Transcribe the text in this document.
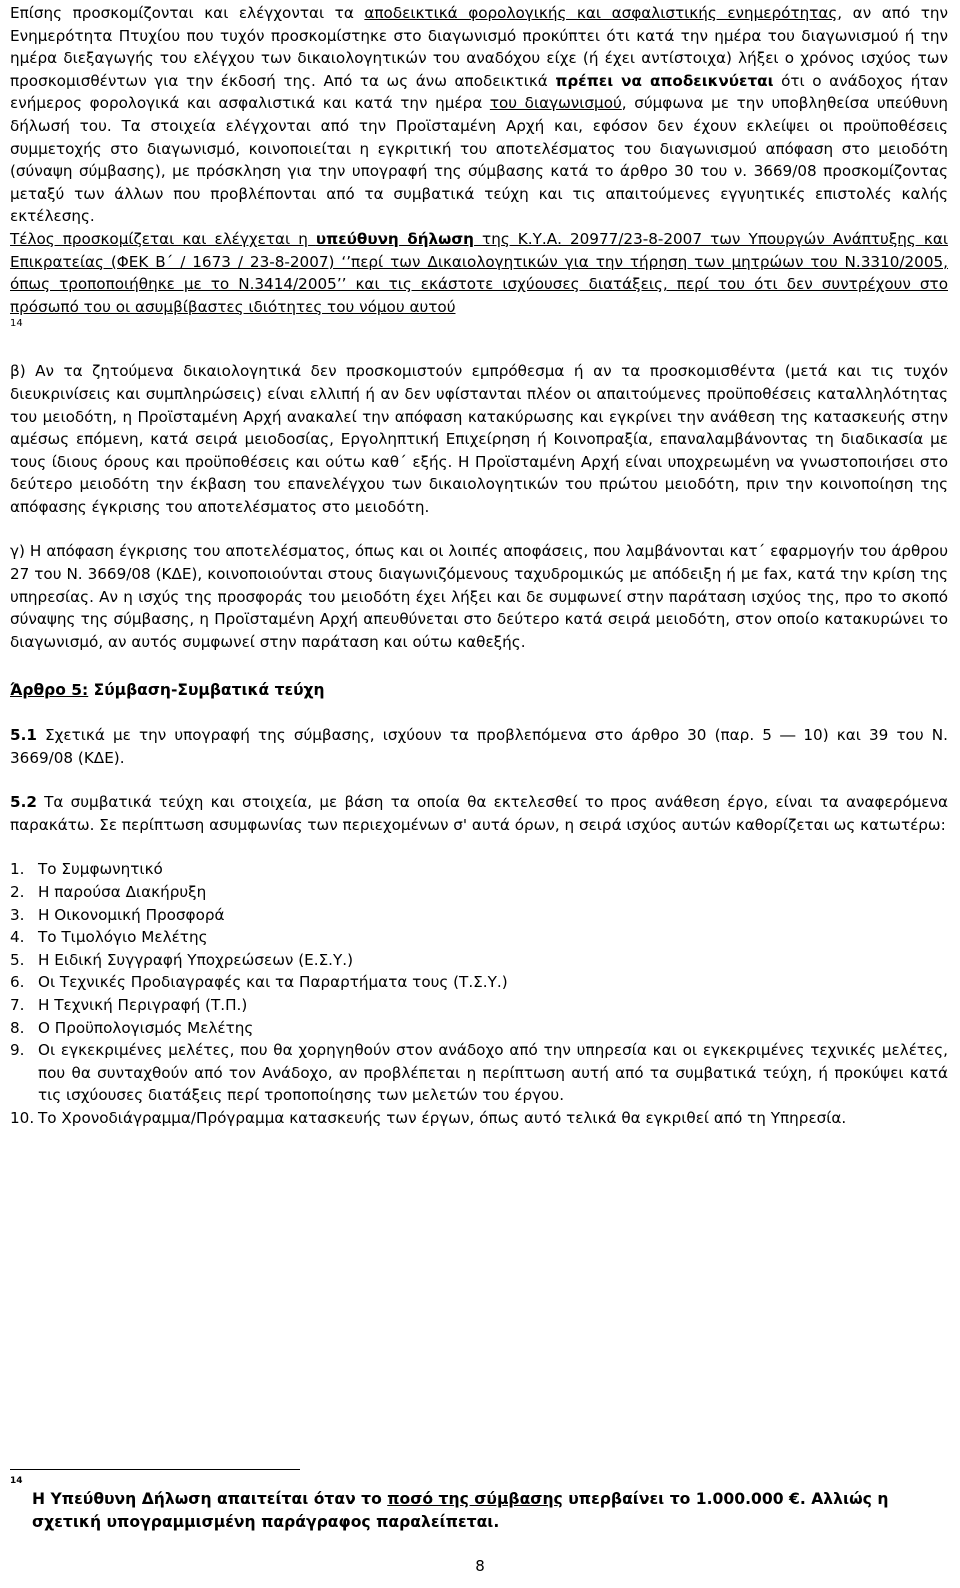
Επίσης προσκομίζονται και ελέγχονται τα αποδεικτικά φορολογικής και ασφαλιστικής ενημερότητας, αν από την Ενημερότητα Πτυχίου που τυχόν προσκομίστηκε στο διαγωνισμό προκύπτει ότι κατά την ημέρα του διαγωνισμού ή την ημέρα διεξαγωγής του ελέγχου των δικαιολογητικών του αναδόχου είχε (ή έχει αντίστοιχα) λήξει ο χρόνος ισχύος των προσκομισθέντων για την έκδοσή της. Από τα ως άνω αποδεικτικά πρέπει να αποδεικνύεται ότι ο ανάδοχος ήταν ενήμερος φορολογικά και ασφαλιστικά και κατά την ημέρα του διαγωνισμού, σύμφωνα με την υποβληθείσα υπεύθυνη δήλωσή του. Τα στοιχεία ελέγχονται από την Προϊσταμένη Αρχή και, εφόσον δεν έχουν εκλείψει οι προϋποθέσεις συμμετοχής στο διαγωνισμό, κοινοποιείται η εγκριτική του αποτελέσματος του διαγωνισμού απόφαση στο μειοδότη (σύναψη σύμβασης), με πρόσκληση για την υπογραφή της σύμβασης κατά το άρθρο 30 του ν. 3669/08 προσκομίζοντας μεταξύ των άλλων που προβλέπονται από τα συμβατικά τεύχη και τις απαιτούμενες εγγυητικές επιστολές καλής εκτέλεσης.

Τέλος προσκομίζεται και ελέγχεται η υπεύθυνη δήλωση της Κ.Υ.Α. 20977/23-8-2007 των Υπουργών Ανάπτυξης και Επικρατείας (ΦΕΚ Β΄ / 1673 / 23-8-2007) ‘’περί των Δικαιολογητικών για την τήρηση των μητρώων του Ν.3310/2005, όπως τροποποιήθηκε με το Ν.3414/2005’’ και τις εκάστοτε ισχύουσες διατάξεις, περί του ότι δεν συντρέχουν στο πρόσωπό του οι ασυμβίβαστες ιδιότητες του νόμου αυτού

14

β) Αν τα ζητούμενα δικαιολογητικά δεν προσκομιστούν εμπρόθεσμα ή αν τα προσκομισθέντα (μετά και τις τυχόν διευκρινίσεις και συμπληρώσεις) είναι ελλιπή ή αν δεν υφίστανται πλέον οι απαιτούμενες προϋποθέσεις καταλληλότητας του μειοδότη, η Προϊσταμένη Αρχή ανακαλεί την απόφαση κατακύρωσης και εγκρίνει την ανάθεση της κατασκευής στην αμέσως επόμενη, κατά σειρά μειοδοσίας, Εργοληπτική Επιχείρηση ή Κοινοπραξία, επαναλαμβάνοντας τη διαδικασία με τους ίδιους όρους και προϋποθέσεις και ούτω καθ΄ εξής. Η Προϊσταμένη Αρχή είναι υποχρεωμένη να γνωστοποιήσει στο δεύτερο μειοδότη την έκβαση του επανελέγχου των δικαιολογητικών του πρώτου μειοδότη, πριν την κοινοποίηση της απόφασης έγκρισης του αποτελέσματος στο μειοδότη.

γ) Η απόφαση έγκρισης του αποτελέσματος, όπως και οι λοιπές αποφάσεις, που λαμβάνονται κατ΄ εφαρμογήν του άρθρου 27 του Ν. 3669/08 (ΚΔΕ), κοινοποιούνται στους διαγωνιζόμενους ταχυδρομικώς με απόδειξη ή με fax, κατά την κρίση της υπηρεσίας. Αν η ισχύς της προσφοράς του μειοδότη έχει λήξει και δε συμφωνεί στην παράταση ισχύος της, προ το σκοπό σύναψης της σύμβασης, η Προϊσταμένη Αρχή απευθύνεται στο δεύτερο κατά σειρά μειοδότη, στον οποίο κατακυρώνει το διαγωνισμό, αν αυτός συμφωνεί στην παράταση και ούτω καθεξής.

Άρθρο 5: Σύμβαση-Συμβατικά τεύχη

5.1 Σχετικά με την υπογραφή της σύμβασης, ισχύουν τα προβλεπόμενα στο άρθρο 30 (παρ. 5 ― 10) και 39 του Ν. 3669/08 (ΚΔΕ).

5.2 Τα συμβατικά τεύχη και στοιχεία, με βάση τα οποία θα εκτελεσθεί το προς ανάθεση έργο, είναι τα αναφερόμενα παρακάτω. Σε περίπτωση ασυμφωνίας των περιεχομένων σ' αυτά όρων, η σειρά ισχύος αυτών καθορίζεται ως κατωτέρω:

1. Το Συμφωνητικό
2. Η παρούσα Διακήρυξη
3. Η Οικονομική Προσφορά
4. Το Τιμολόγιο Μελέτης
5. Η Ειδική Συγγραφή Υποχρεώσεων (Ε.Σ.Υ.)
6. Οι Τεχνικές Προδιαγραφές και τα Παραρτήματα τους (Τ.Σ.Υ.)
7. Η Τεχνική Περιγραφή (Τ.Π.)
8. Ο Προϋπολογισμός Μελέτης
9. Οι εγκεκριμένες μελέτες, που θα χορηγηθούν στον ανάδοχο από την υπηρεσία και οι εγκεκριμένες τεχνικές μελέτες, που θα συνταχθούν από τον Ανάδοχο, αν προβλέπεται η περίπτωση αυτή από τα συμβατικά τεύχη, ή προκύψει κατά τις ισχύουσες διατάξεις περί τροποποίησης των μελετών του έργου.
10. Το Χρονοδιάγραμμα/Πρόγραμμα κατασκευής των έργων, όπως αυτό τελικά θα εγκριθεί από τη Υπηρεσία.
14
Η Υπεύθυνη Δήλωση απαιτείται όταν το ποσό της σύμβασης υπερβαίνει το 1.000.000 €. Αλλιώς η σχετική υπογραμμισμένη παράγραφος παραλείπεται.
8
